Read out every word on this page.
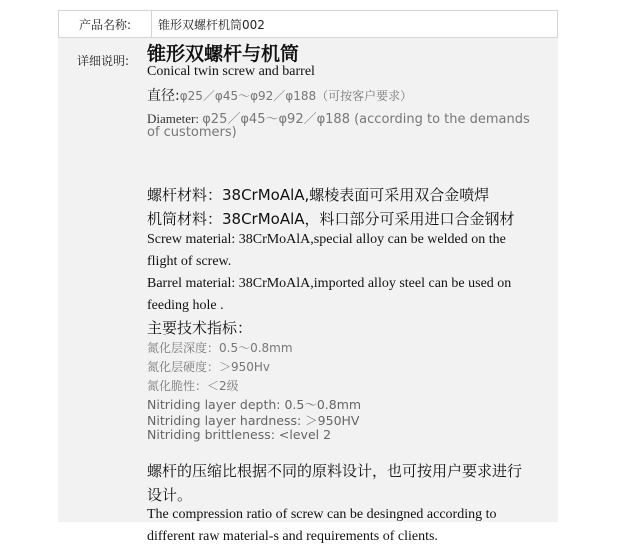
产品名称:	锥形双螺杆机筒002
详细说明: 锥形双螺杆与机筒
Conical twin screw and barrel
直径:φ25／φ45〜φ92／φ188（可按客户要求）
Diameter: φ25／φ45〜φ92／φ188 (according to the demands
of customers)
螺杆材料：38CrMoAlA,螺棱表面可采用双合金喷焊
机筒材料：38CrMoAlA，料口部分可采用进口合金钢材
Screw material: 38CrMoAlA,special alloy can be welded on the
flight of screw.
Barrel material: 38CrMoAlA,imported alloy steel can be used on
feeding hole .
主要技术指标：
氮化层深度：0.5〜0.8mm
氮化层硬度：＞950Hv
氮化脆性：＜2级
Nitriding layer depth: 0.5〜0.8mm
Nitriding layer hardness: ＞950HV
Nitriding brittleness: <level 2
螺杆的压缩比根据不同的原料设计，也可按用户要求进行
设计。
The compression ratio of screw can be desingned according to
different raw material-s and requirements of clients.
